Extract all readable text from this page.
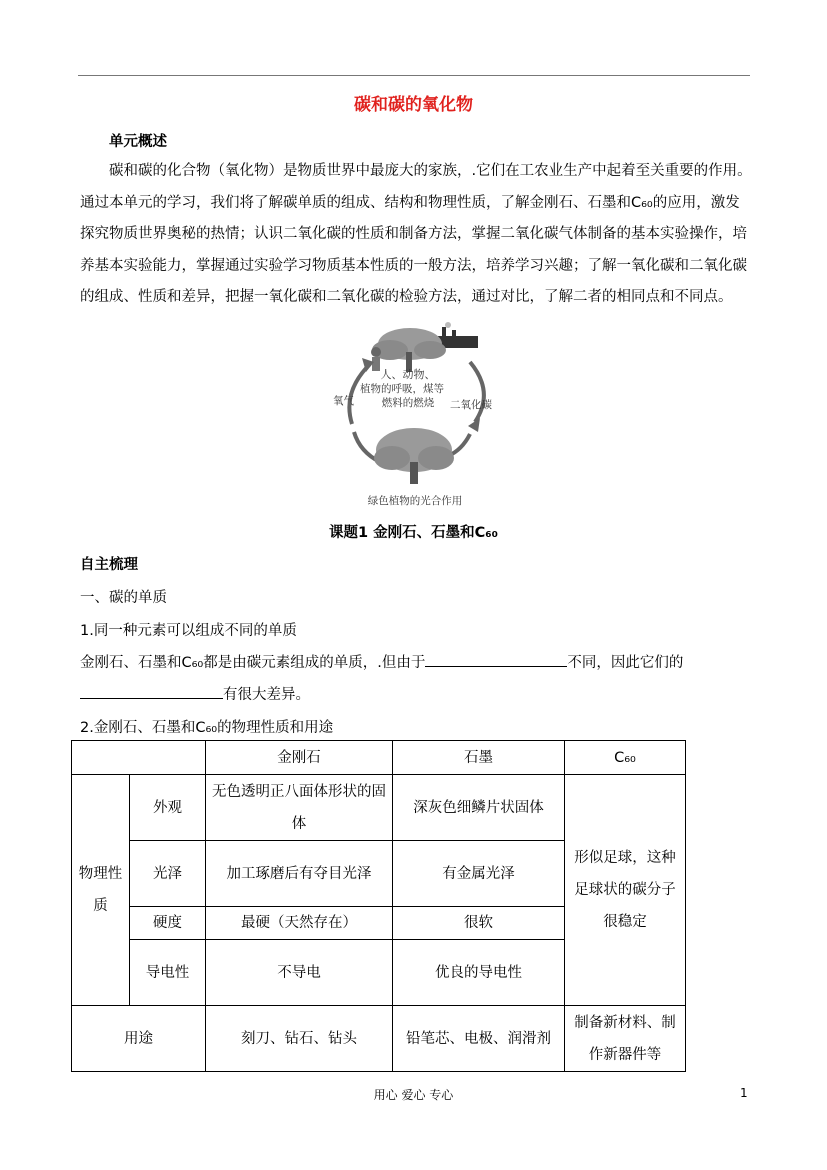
碳和碳的氧化物
单元概述

碳和碳的化合物（氧化物）是物质世界中最庞大的家族，.它们在工农业生产中起着至关重要的作用。通过本单元的学习，我们将了解碳单质的组成、结构和物理性质，了解金刚石、石墨和C₆₀的应用，激发探究物质世界奥秘的热情；认识二氧化碳的性质和制备方法，掌握二氧化碳气体制备的基本实验操作，培养基本实验能力，掌握通过实验学习物质基本性质的一般方法，培养学习兴趣；了解一氧化碳和二氧化碳的组成、性质和差异，把握一氧化碳和二氧化碳的检验方法，通过对比，了解二者的相同点和不同点。

人、动物、
植物的呼吸，煤等
燃料的燃烧
氧气	二氧化碳
绿色植物的光合作用
课题1 金刚石、石墨和C₆₀
自主梳理
一、碳的单质
1.同一种元素可以组成不同的单质
金刚石、石墨和C₆₀都是由碳元素组成的单质，.但由于	不同，因此它们的
有很大差异。
2.金刚石、石墨和C₆₀的物理性质和用途
		金刚石	石墨	C₆₀
物理性质	外观	无色透明正八面体形状的固体	深灰色细鳞片状固体	形似足球，这种足球状的碳分子很稳定
	光泽	加工琢磨后有夺目光泽	有金属光泽	
	硬度	最硬（天然存在）	很软	
	导电性	不导电	优良的导电性	
用途		刻刀、钻石、钻头	铅笔芯、电极、润滑剂	制备新材料、制作新器件等
用心 爱心 专心	1
